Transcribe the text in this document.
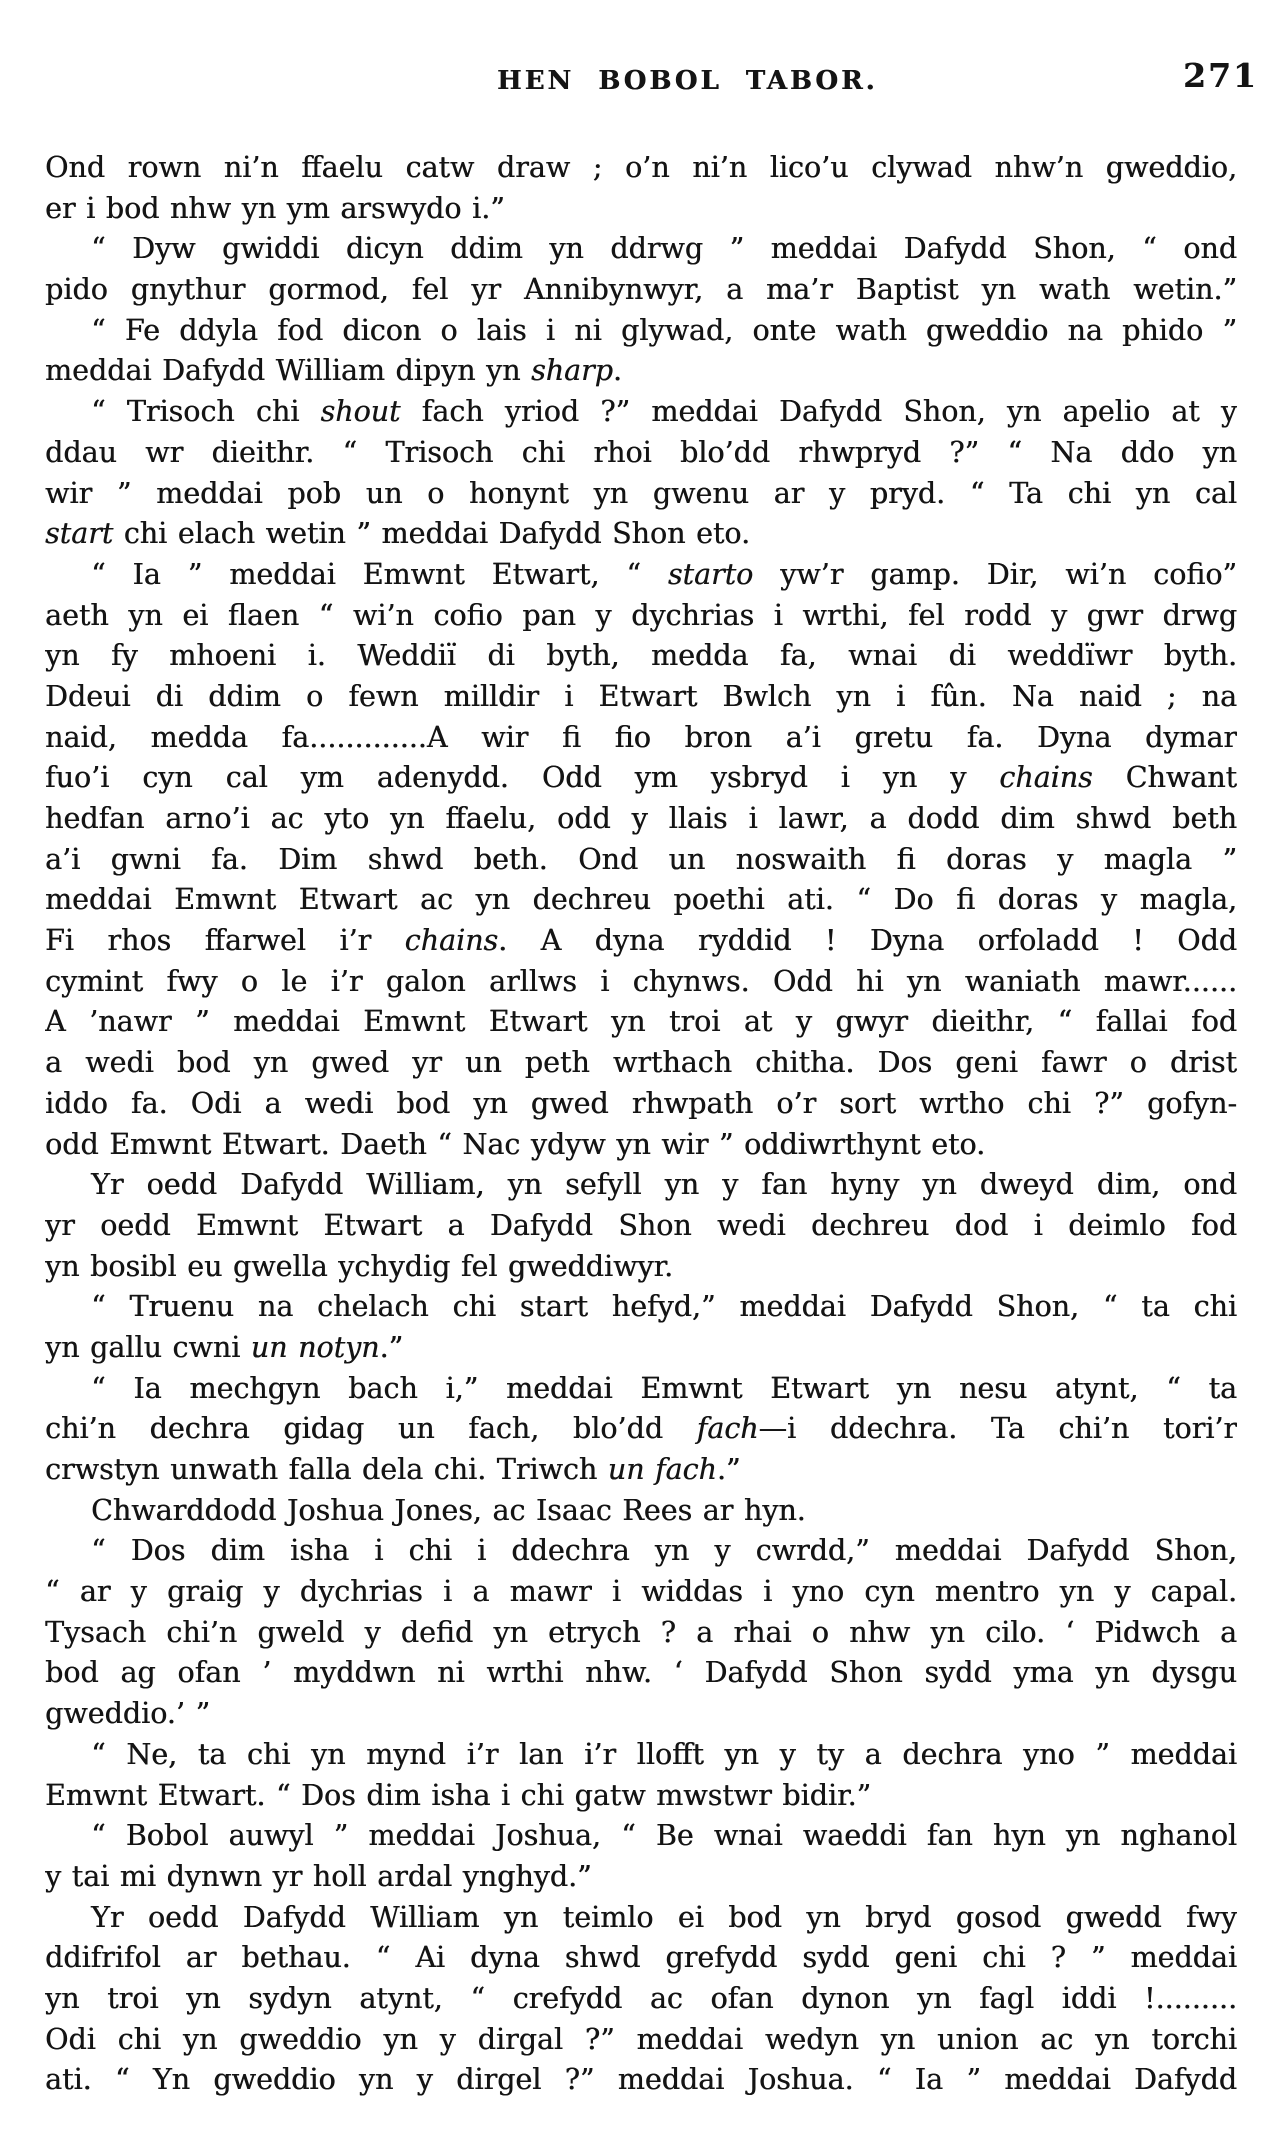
HEN BOBOL TABOR.	271
Ond rown ni’n ffaelu catw draw ; o’n ni’n lico’u clywad nhw’n gweddio,
er i bod nhw yn ym arswydo i.”
“ Dyw gwiddi dicyn ddim yn ddrwg ” meddai Dafydd Shon, “ ond
pido gnythur gormod, fel yr Annibynwyr, a ma’r Baptist yn wath wetin.”
“ Fe ddyla fod dicon o lais i ni glywad, onte wath gweddio na phido ”
meddai Dafydd William dipyn yn sharp.
“ Trisoch chi shout fach yriod ?” meddai Dafydd Shon, yn apelio at y
ddau wr dieithr. “ Trisoch chi rhoi blo’dd rhwpryd ?” “ Na ddo yn
wir ” meddai pob un o honynt yn gwenu ar y pryd. “ Ta chi yn cal
start chi elach wetin ” meddai Dafydd Shon eto.
“ Ia ” meddai Emwnt Etwart, “ starto yw’r gamp. Dir, wi’n cofio”
aeth yn ei flaen “ wi’n cofio pan y dychrias i wrthi, fel rodd y gwr drwg
yn fy mhoeni i. Weddiï di byth, medda fa, wnai di weddïwr byth.
Ddeui di ddim o fewn milldir i Etwart Bwlch yn i fûn. Na naid ; na
naid, medda fa.............A wir fi fio bron a’i gretu fa. Dyna dymar
fuo’i cyn cal ym adenydd. Odd ym ysbryd i yn y chains Chwant
hedfan arno’i ac yto yn ffaelu, odd y llais i lawr, a dodd dim shwd beth
a’i gwni fa. Dim shwd beth. Ond un noswaith fi doras y magla ”
meddai Emwnt Etwart ac yn dechreu poethi ati. “ Do fi doras y magla,
Fi rhos ffarwel i’r chains. A dyna ryddid ! Dyna orfoladd ! Odd
cymint fwy o le i’r galon arllws i chynws. Odd hi yn waniath mawr......
A ’nawr ” meddai Emwnt Etwart yn troi at y gwyr dieithr, “ fallai fod
a wedi bod yn gwed yr un peth wrthach chitha. Dos geni fawr o drist
iddo fa. Odi a wedi bod yn gwed rhwpath o’r sort wrtho chi ?” gofyn-
odd Emwnt Etwart. Daeth “ Nac ydyw yn wir ” oddiwrthynt eto.
Yr oedd Dafydd William, yn sefyll yn y fan hyny yn dweyd dim, ond
yr oedd Emwnt Etwart a Dafydd Shon wedi dechreu dod i deimlo fod
yn bosibl eu gwella ychydig fel gweddiwyr.
“ Truenu na chelach chi start hefyd,” meddai Dafydd Shon, “ ta chi
yn gallu cwni un notyn.”
“ Ia mechgyn bach i,” meddai Emwnt Etwart yn nesu atynt, “ ta
chi’n dechra gidag un fach, blo’dd fach—i ddechra. Ta chi’n tori’r
crwstyn unwath falla dela chi. Triwch un fach.”
Chwarddodd Joshua Jones, ac Isaac Rees ar hyn.
“ Dos dim isha i chi i ddechra yn y cwrdd,” meddai Dafydd Shon,
“ ar y graig y dychrias i a mawr i widdas i yno cyn mentro yn y capal.
Tysach chi’n gweld y defid yn etrych ? a rhai o nhw yn cilo. ‘ Pidwch a
bod ag ofan ’ myddwn ni wrthi nhw. ‘ Dafydd Shon sydd yma yn dysgu
gweddio.’ ”
“ Ne, ta chi yn mynd i’r lan i’r llofft yn y ty a dechra yno ” meddai
Emwnt Etwart. “ Dos dim isha i chi gatw mwstwr bidir.”
“ Bobol auwyl ” meddai Joshua, “ Be wnai waeddi fan hyn yn nghanol
y tai mi dynwn yr holl ardal ynghyd.”
Yr oedd Dafydd William yn teimlo ei bod yn bryd gosod gwedd fwy
ddifrifol ar bethau. “ Ai dyna shwd grefydd sydd geni chi ? ” meddai
yn troi yn sydyn atynt, “ crefydd ac ofan dynon yn fagl iddi !.........
Odi chi yn gweddio yn y dirgal ?” meddai wedyn yn union ac yn torchi
ati. “ Yn gweddio yn y dirgel ?” meddai Joshua. “ Ia ” meddai Dafydd
